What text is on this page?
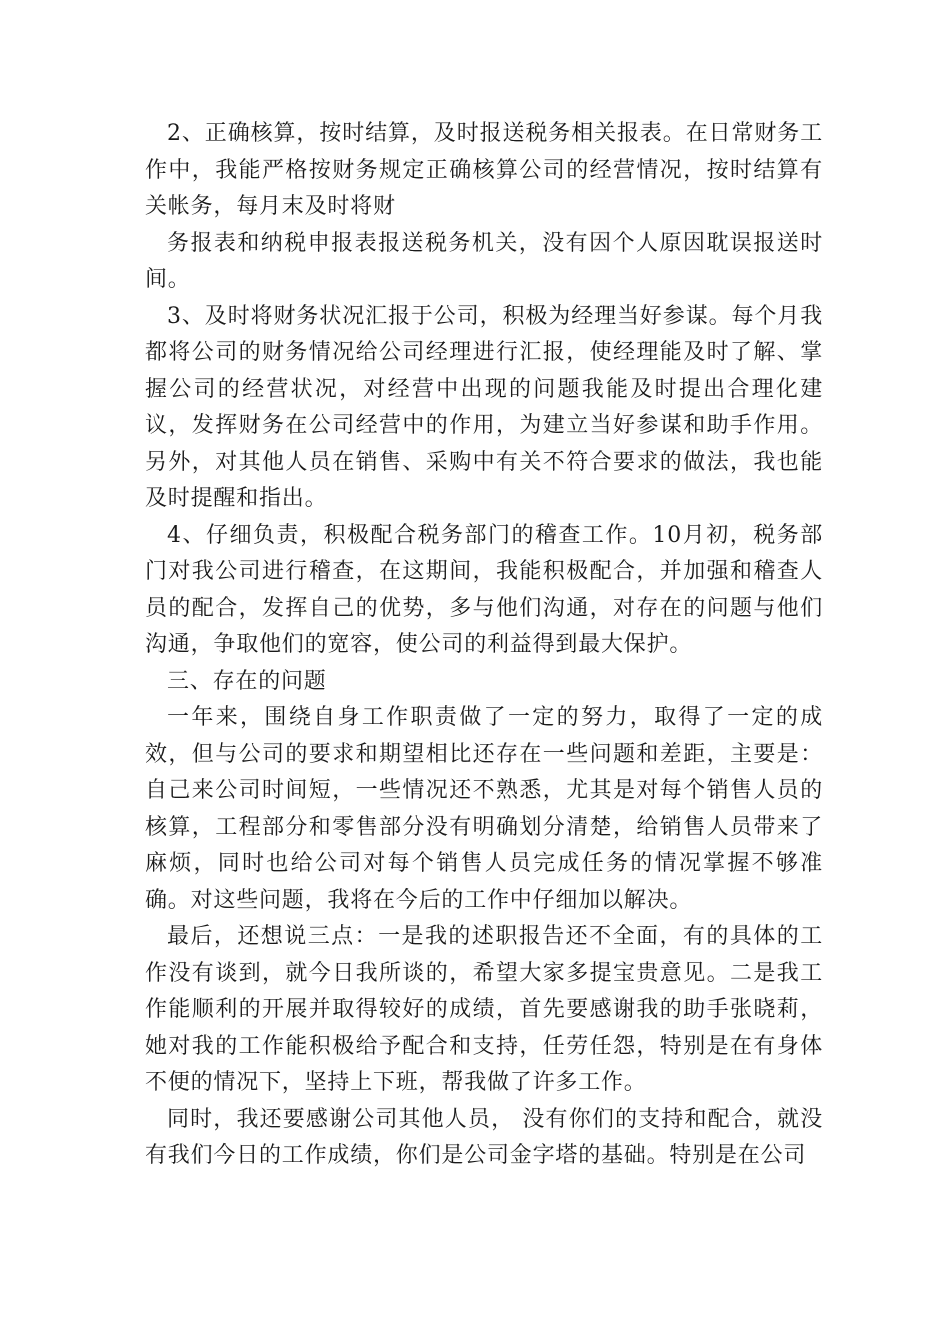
2、正确核算，按时结算，及时报送税务相关报表。在日常财务工作中，我能严格按财务规定正确核算公司的经营情况，按时结算有关帐务，每月末及时将财

务报表和纳税申报表报送税务机关，没有因个人原因耽误报送时间。

3、及时将财务状况汇报于公司，积极为经理当好参谋。每个月我都将公司的财务情况给公司经理进行汇报，使经理能及时了解、掌握公司的经营状况，对经营中出现的问题我能及时提出合理化建议，发挥财务在公司经营中的作用，为建立当好参谋和助手作用。另外，对其他人员在销售、采购中有关不符合要求的做法，我也能及时提醒和指出。

4、仔细负责，积极配合税务部门的稽查工作。10月初，税务部门对我公司进行稽查，在这期间，我能积极配合，并加强和稽查人员的配合，发挥自己的优势，多与他们沟通，对存在的问题与他们沟通，争取他们的宽容，使公司的利益得到最大保护。

三、存在的问题

一年来，围绕自身工作职责做了一定的努力，取得了一定的成效，但与公司的要求和期望相比还存在一些问题和差距，主要是：自己来公司时间短，一些情况还不熟悉，尤其是对每个销售人员的核算，工程部分和零售部分没有明确划分清楚，给销售人员带来了麻烦，同时也给公司对每个销售人员完成任务的情况掌握不够准确。对这些问题，我将在今后的工作中仔细加以解决。

最后，还想说三点：一是我的述职报告还不全面，有的具体的工作没有谈到，就今日我所谈的，希望大家多提宝贵意见。二是我工作能顺利的开展并取得较好的成绩，首先要感谢我的助手张晓莉，她对我的工作能积极给予配合和支持，任劳任怨，特别是在有身体不便的情况下，坚持上下班，帮我做了许多工作。

同时，我还要感谢公司其他人员， 没有你们的支持和配合，就没有我们今日的工作成绩，你们是公司金字塔的基础。特别是在公司
